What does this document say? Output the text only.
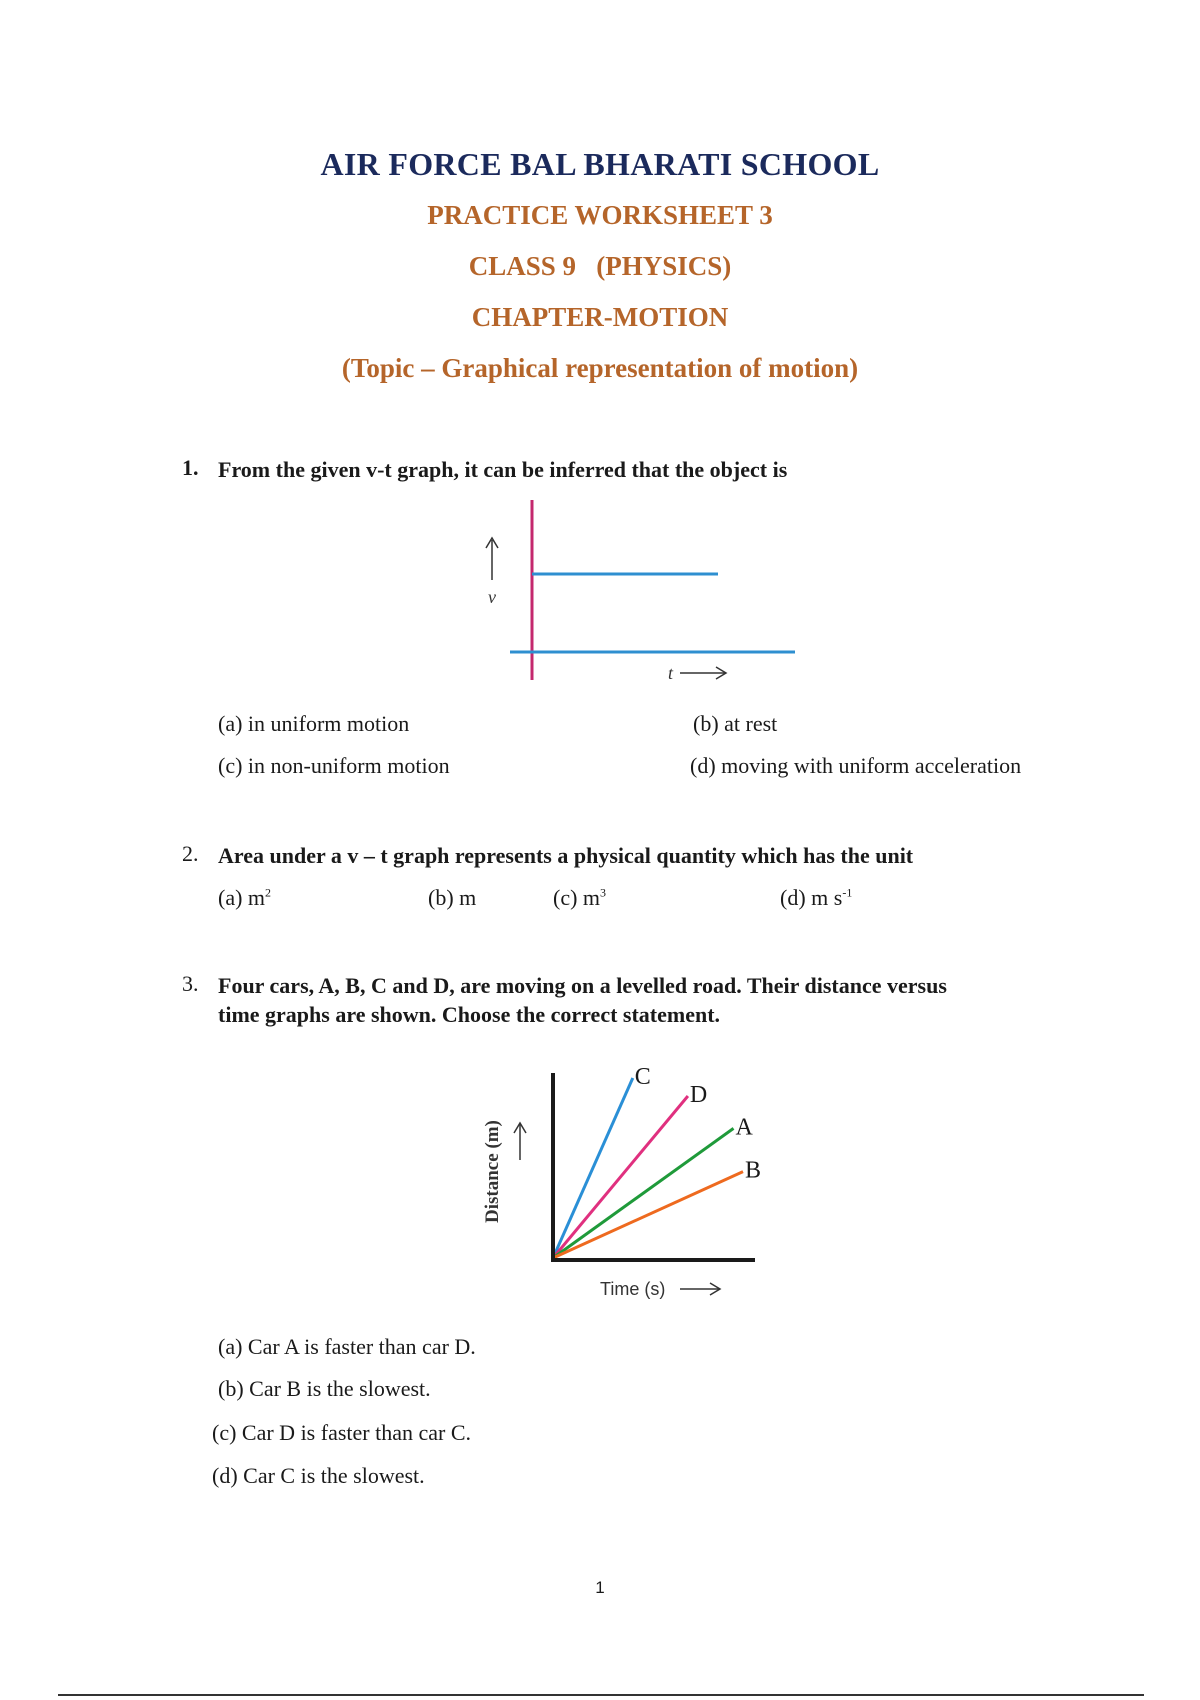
AIR FORCE BAL BHARATI SCHOOL
PRACTICE WORKSHEET 3
CLASS 9   (PHYSICS)
CHAPTER-MOTION
(Topic – Graphical representation of motion)
1. From the given v-t graph, it can be inferred that the object is
v
t
(a) in uniform motion	(b) at rest
(c) in non-uniform motion	(d) moving with uniform acceleration
2. Area under a v – t graph represents a physical quantity which has the unit
(a) $m^2$	(b) m	(c) $m^3$	(d) m $s^{-1}$
3. Four cars, A, B, C and D, are moving on a levelled road. Their distance versus
time graphs are shown. Choose the correct statement.
Distance (m)
Time (s)
C
D
A
B
(a) Car A is faster than car D.
(b) Car B is the slowest.
(c) Car D is faster than car C.
(d) Car C is the slowest.
1
